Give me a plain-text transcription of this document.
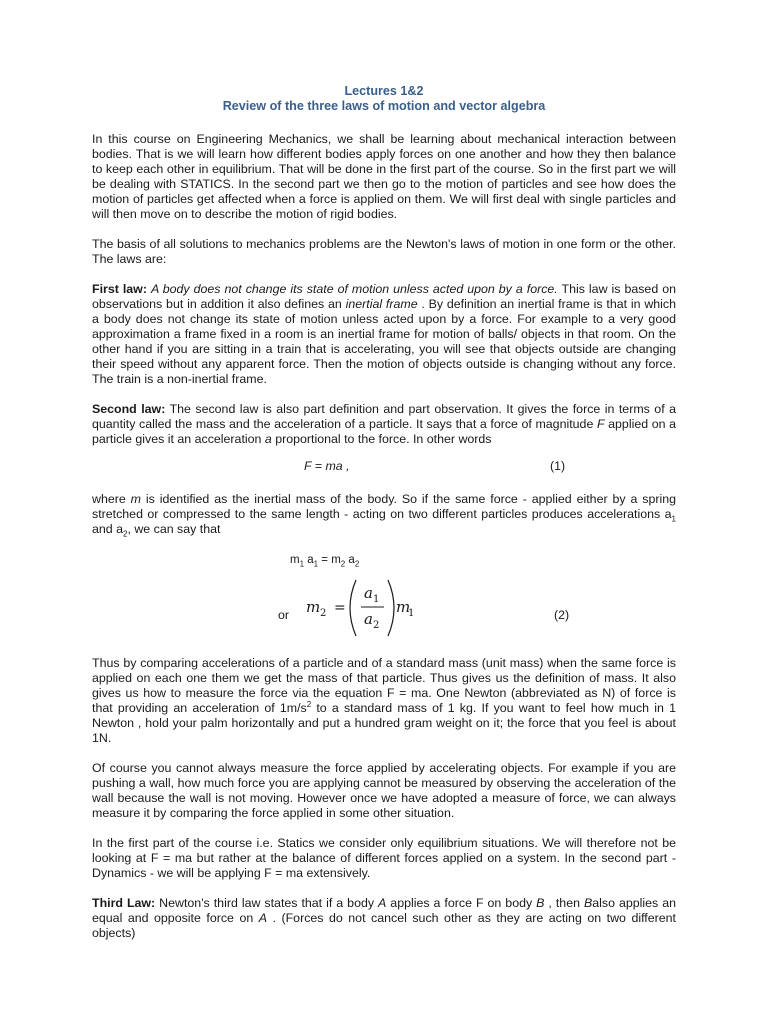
Lectures 1&2
Review of the three laws of motion and vector algebra

In this course on Engineering Mechanics, we shall be learning about mechanical interaction between bodies. That is we will learn how different bodies apply forces on one another and how they then balance to keep each other in equilibrium. That will be done in the first part of the course. So in the first part we will be dealing with STATICS. In the second part we then go to the motion of particles and see how does the motion of particles get affected when a force is applied on them. We will first deal with single particles and will then move on to describe the motion of rigid bodies.

The basis of all solutions to mechanics problems are the Newton's laws of motion in one form or the other. The laws are:

First law: A body does not change its state of motion unless acted upon by a force. This law is based on observations but in addition it also defines an inertial frame . By definition an inertial frame is that in which a body does not change its state of motion unless acted upon by a force. For example to a very good approximation a frame fixed in a room is an inertial frame for motion of balls/ objects in that room. On the other hand if you are sitting in a train that is accelerating, you will see that objects outside are changing their speed without any apparent force. Then the motion of objects outside is changing without any force. The train is a non-inertial frame.

Second law: The second law is also part definition and part observation. It gives the force in terms of a quantity called the mass and the acceleration of a particle. It says that a force of magnitude F applied on a particle gives it an acceleration a proportional to the force. In other words

F = ma ,	(1)

where m is identified as the inertial mass of the body. So if the same force - applied either by a spring stretched or compressed to the same length - acting on two different particles produces accelerations $a_1$ and $a_2$, we can say that

$m_1$ $a_1 = m_2$ $a_2$
or m 2 =
a 1
a 2
m
1	(2)

Thus by comparing accelerations of a particle and of a standard mass (unit mass) when the same force is applied on each one them we get the mass of that particle. Thus gives us the definition of mass. It also gives us how to measure the force via the equation F = ma. One Newton (abbreviated as N) of force is that providing an acceleration of $1m/s^2$ to a standard mass of 1 kg. If you want to feel how much in 1 Newton , hold your palm horizontally and put a hundred gram weight on it; the force that you feel is about 1N.

Of course you cannot always measure the force applied by accelerating objects. For example if you are pushing a wall, how much force you are applying cannot be measured by observing the acceleration of the wall because the wall is not moving. However once we have adopted a measure of force, we can always measure it by comparing the force applied in some other situation.

In the first part of the course i.e. Statics we consider only equilibrium situations. We will therefore not be looking at F = ma but rather at the balance of different forces applied on a system. In the second part - Dynamics - we will be applying F = ma extensively.

Third Law: Newton's third law states that if a body A applies a force F on body B , then Balso applies an equal and opposite force on A . (Forces do not cancel such other as they are acting on two different objects)
